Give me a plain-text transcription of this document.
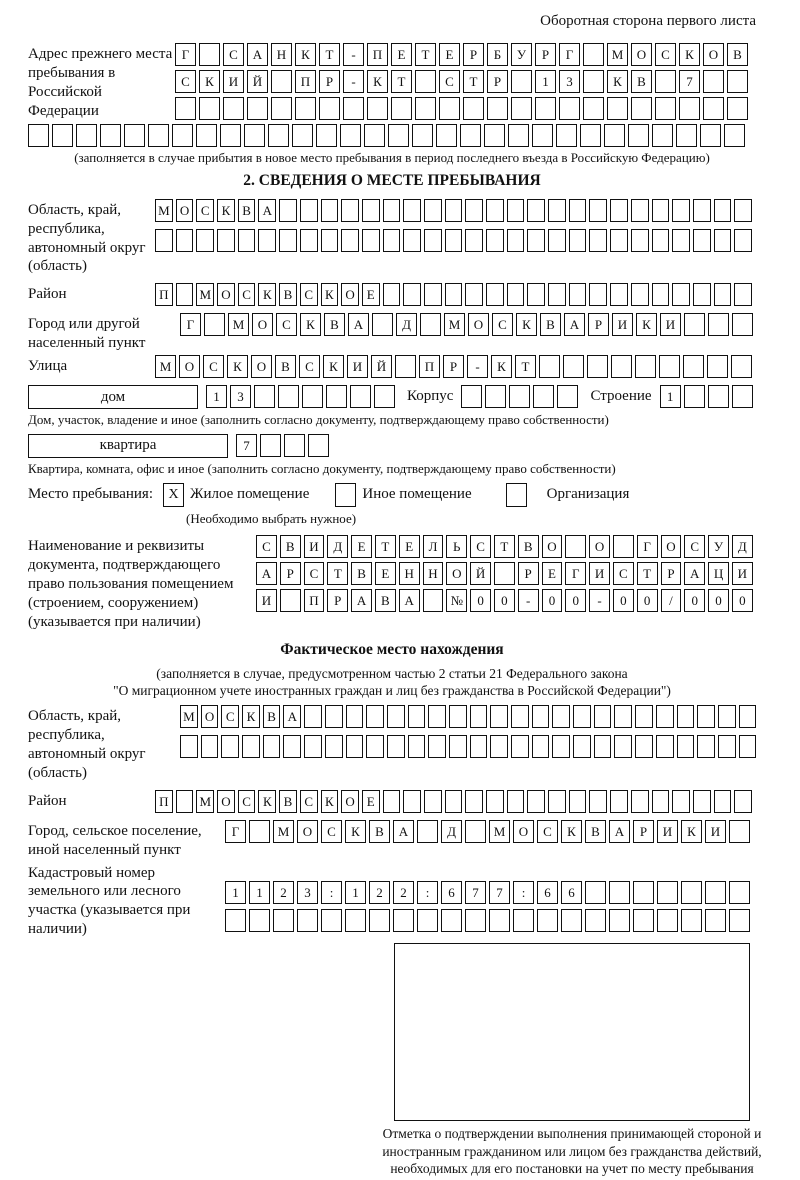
Оборотная сторона первого листа
Адрес прежнего места пребывания в Российской Федерации
Г	С	А	Н	К	Т	-	П	Е	Т	Е	Р	Б	У	Р	Г	М	О	С	К	О	В
С	К	И	Й	П	Р	-	К	Т	С	Т	Р	1	3	К	В	7
(заполняется в случае прибытия в новое место пребывания в период последнего въезда в Российскую Федерацию)
2. СВЕДЕНИЯ О МЕСТЕ ПРЕБЫВАНИЯ
Область, край, республика, автономный округ (область)
М О С К В А
Район	П	М О С К В С К О Е
Город или другой населенный пункт
Г	М	О	С	К	В	А	Д	М	О	С	К	В	А	Р	И	К	И
Улица	М	О	С	К	О	В	С	К	И	Й	П	Р	-	К	Т
дом	1	3	Корпус	Строение	1
Дом, участок, владение и иное (заполнить согласно документу, подтверждающему право собственности)
квартира	7
Квартира, комната, офис и иное (заполнить согласно документу, подтверждающему право собственности)
Место пребывания:	X Жилое помещение	Иное помещение	Организация
(Необходимо выбрать нужное)
Наименование и реквизиты документа, подтверждающего право пользования помещением (строением, сооружением) (указывается при наличии)
С	В	И	Д	Е	Т	Е	Л	Ь	С	Т	В	О	О	Г	О	С	У	Д
А	Р	С	Т	В	Е	Н	Н	О	Й	Р	Е	Г	И	С	Т	Р	А	Ц	И
И	П	Р	А	В	А	№	0	0	-	0	0	-	0	0	/	0	0	0
Фактическое место нахождения
(заполняется в случае, предусмотренном частью 2 статьи 21 Федерального закона
"О миграционном учете иностранных граждан и лиц без гражданства в Российской Федерации")
Область, край, республика, автономный округ (область)
М О С К В А
Район	П	М О С К В С К О Е
Город, сельское поселение, иной населенный пункт
Г	М	О	С	К	В	А	Д	М	О	С	К	В	А	Р	И	К	И
Кадастровый номер земельного или лесного участка (указывается при наличии)
1	1	2	3	:	1	2	2	:	6	7	7	:	6	6
Отметка о подтверждении выполнения принимающей стороной и иностранным гражданином или лицом без гражданства действий, необходимых для его постановки на учет по месту пребывания
